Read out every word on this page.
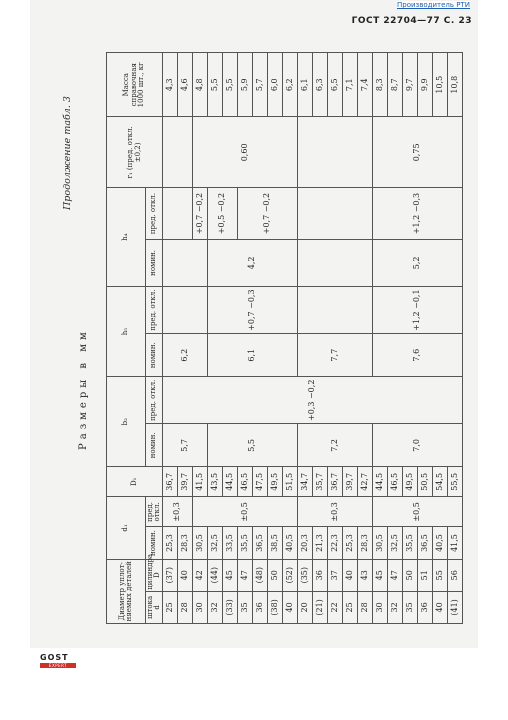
Производитель РТИ
ГОСТ 22704—77 С. 23
Продолжение табл. 3
Размеры в мм
Диаметр уплот-няемых деталей		d₁		D₁	b₂		h₅		h₄		r₁ (пред. откл. ±0,2)	Масса справочная 1000 шт., кг
штока d	цилиндра D	номин.	пред. откл.		номин.	пред. откл.	номин.	пред. откл.	номин.	пред. откл.		
25	(37)	25,3	±0,3	36,7	5,7	+0,3 −0,2	6,2					4,3
28	40	28,3		39,7								4,6
30	42	30,5	±0,5	41,5						+0,7 −0,2	0,60	4,8
32	(44)	32,5		43,5	5,5		6,1	+0,7 −0,3	4,2	+0,5 −0,2		5,5
(33)	45	33,5		44,5								5,5
35	47	35,5		46,5						+0,7 −0,2		5,9
36	(48)	36,5		47,5								5,7
(38)	50	38,5		49,5								6,0
40	(52)	40,5		51,5								6,2
20	(35)	20,3	±0,3	34,7	7,2		7,7					6,1
(21)	36	21,3		35,7								6,3
22	37	22,3		36,7								6,5
25	40	25,3		39,7								7,1
28	43	28,3		42,7								7,4
30	45	30,5	±0,5	44,5	7,0		7,6	+1,2 −0,1	5,2	+1,2 −0,3	0,75	8,3
32	47	32,5		46,5								8,7
35	50	35,5		49,5								9,7
36	51	36,5		50,5								9,9
40	55	40,5		54,5								10,5
(41)	56	41,5		55,5								10,8
GOST
EXPERT
